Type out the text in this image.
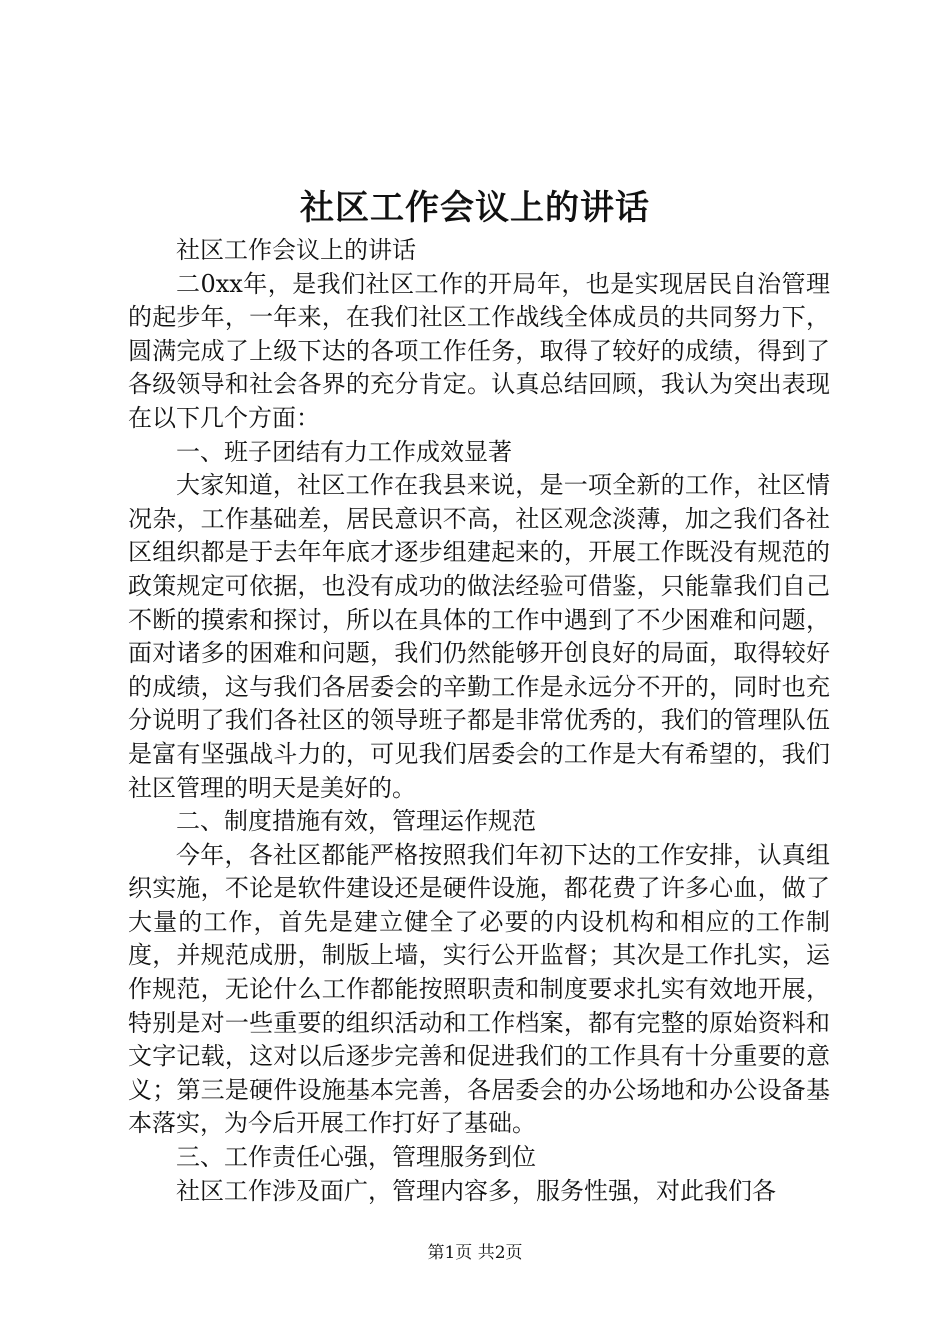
社区工作会议上的讲话

社区工作会议上的讲话

二0xx年，是我们社区工作的开局年，也是实现居民自治管理的起步年，一年来，在我们社区工作战线全体成员的共同努力下，圆满完成了上级下达的各项工作任务，取得了较好的成绩，得到了各级领导和社会各界的充分肯定。认真总结回顾，我认为突出表现在以下几个方面：

一、班子团结有力工作成效显著

大家知道，社区工作在我县来说，是一项全新的工作，社区情况杂，工作基础差，居民意识不高，社区观念淡薄，加之我们各社区组织都是于去年年底才逐步组建起来的，开展工作既没有规范的政策规定可依据，也没有成功的做法经验可借鉴，只能靠我们自己不断的摸索和探讨，所以在具体的工作中遇到了不少困难和问题，面对诸多的困难和问题，我们仍然能够开创良好的局面，取得较好的成绩，这与我们各居委会的辛勤工作是永远分不开的，同时也充分说明了我们各社区的领导班子都是非常优秀的，我们的管理队伍是富有坚强战斗力的，可见我们居委会的工作是大有希望的，我们社区管理的明天是美好的。

二、制度措施有效，管理运作规范

今年，各社区都能严格按照我们年初下达的工作安排，认真组织实施，不论是软件建设还是硬件设施，都花费了许多心血，做了大量的工作，首先是建立健全了必要的内设机构和相应的工作制度，并规范成册，制版上墙，实行公开监督；其次是工作扎实，运作规范，无论什么工作都能按照职责和制度要求扎实有效地开展，特别是对一些重要的组织活动和工作档案，都有完整的原始资料和文字记载，这对以后逐步完善和促进我们的工作具有十分重要的意义；第三是硬件设施基本完善，各居委会的办公场地和办公设备基本落实，为今后开展工作打好了基础。

三、工作责任心强，管理服务到位

社区工作涉及面广，管理内容多，服务性强，对此我们各

第1页 共2页
